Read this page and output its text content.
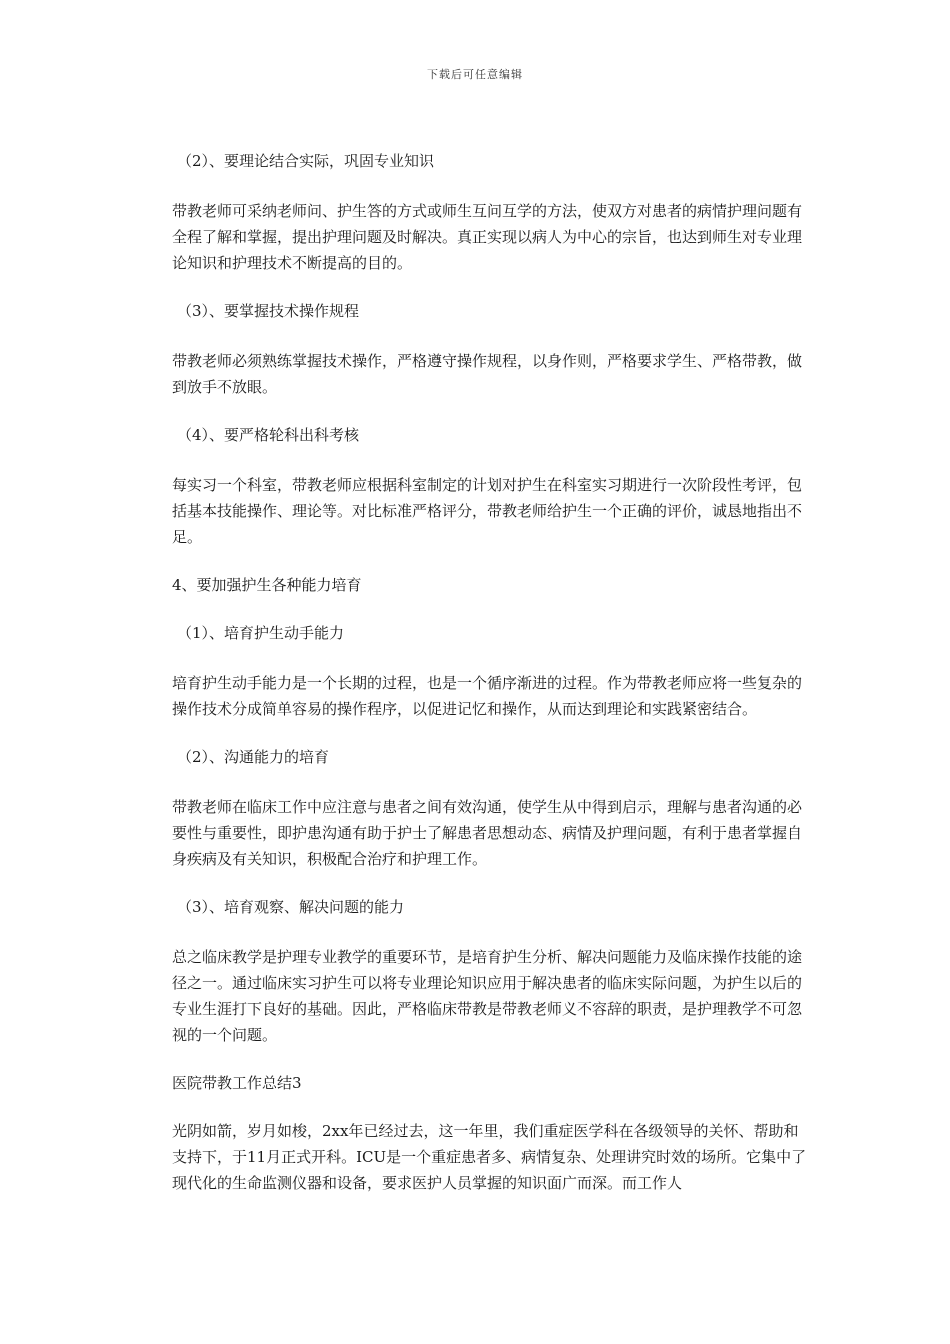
下载后可任意编辑
（2）、要理论结合实际，巩固专业知识
带教老师可采纳老师问、护生答的方式或师生互问互学的方法，使双方对患者的病情护理问题有全程了解和掌握，提出护理问题及时解决。真正实现以病人为中心的宗旨，也达到师生对专业理论知识和护理技术不断提高的目的。
（3）、要掌握技术操作规程
带教老师必须熟练掌握技术操作，严格遵守操作规程，以身作则，严格要求学生、严格带教，做到放手不放眼。
（4）、要严格轮科出科考核
每实习一个科室，带教老师应根据科室制定的计划对护生在科室实习期进行一次阶段性考评，包括基本技能操作、理论等。对比标准严格评分，带教老师给护生一个正确的评价，诚恳地指出不足。
4、要加强护生各种能力培育
（1）、培育护生动手能力
培育护生动手能力是一个长期的过程，也是一个循序渐进的过程。作为带教老师应将一些复杂的操作技术分成简单容易的操作程序，以促进记忆和操作，从而达到理论和实践紧密结合。
（2）、沟通能力的培育
带教老师在临床工作中应注意与患者之间有效沟通，使学生从中得到启示，理解与患者沟通的必要性与重要性，即护患沟通有助于护士了解患者思想动态、病情及护理问题，有利于患者掌握自身疾病及有关知识，积极配合治疗和护理工作。
（3）、培育观察、解决问题的能力
总之临床教学是护理专业教学的重要环节，是培育护生分析、解决问题能力及临床操作技能的途径之一。通过临床实习护生可以将专业理论知识应用于解决患者的临床实际问题，为护生以后的专业生涯打下良好的基础。因此，严格临床带教是带教老师义不容辞的职责，是护理教学不可忽视的一个问题。
医院带教工作总结3
光阴如箭，岁月如梭，2xx年已经过去，这一年里，我们重症医学科在各级领导的关怀、帮助和支持下，于11月正式开科。ICU是一个重症患者多、病情复杂、处理讲究时效的场所。它集中了现代化的生命监测仪器和设备，要求医护人员掌握的知识面广而深。而工作人
